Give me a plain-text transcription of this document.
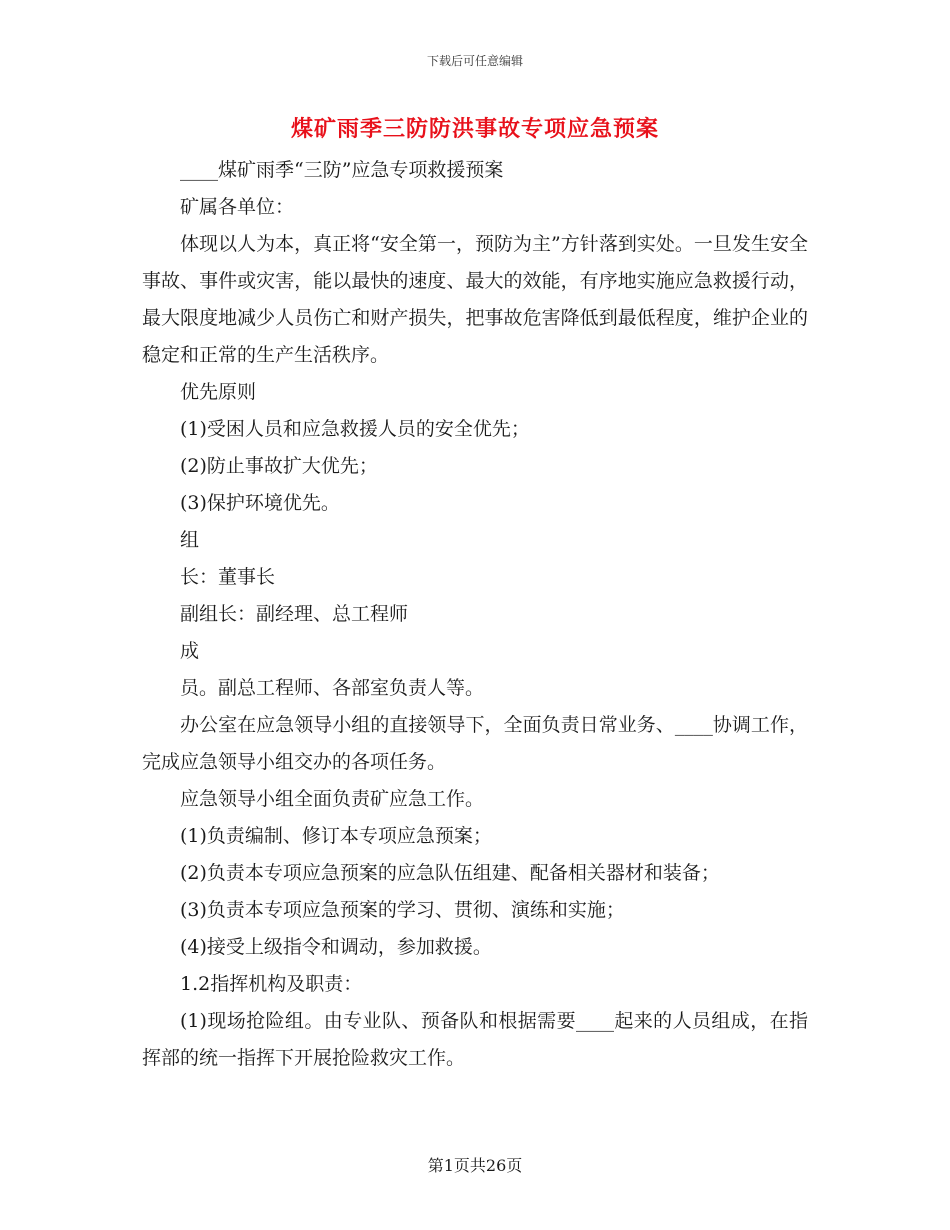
下载后可任意编辑
煤矿雨季三防防洪事故专项应急预案

____煤矿雨季“三防”应急专项救援预案

矿属各单位：

体现以人为本，真正将“安全第一，预防为主”方针落到实处。一旦发生安全事故、事件或灾害，能以最快的速度、最大的效能，有序地实施应急救援行动，最大限度地减少人员伤亡和财产损失，把事故危害降低到最低程度，维护企业的稳定和正常的生产生活秩序。

优先原则

(1)受困人员和应急救援人员的安全优先；

(2)防止事故扩大优先；

(3)保护环境优先。

组

长：董事长

副组长：副经理、总工程师

成

员。副总工程师、各部室负责人等。

办公室在应急领导小组的直接领导下，全面负责日常业务、____协调工作，完成应急领导小组交办的各项任务。

应急领导小组全面负责矿应急工作。

(1)负责编制、修订本专项应急预案；

(2)负责本专项应急预案的应急队伍组建、配备相关器材和装备；

(3)负责本专项应急预案的学习、贯彻、演练和实施；

(4)接受上级指令和调动，参加救援。

1.2指挥机构及职责：

(1)现场抢险组。由专业队、预备队和根据需要____起来的人员组成，在指挥部的统一指挥下开展抢险救灾工作。

第1页共26页
